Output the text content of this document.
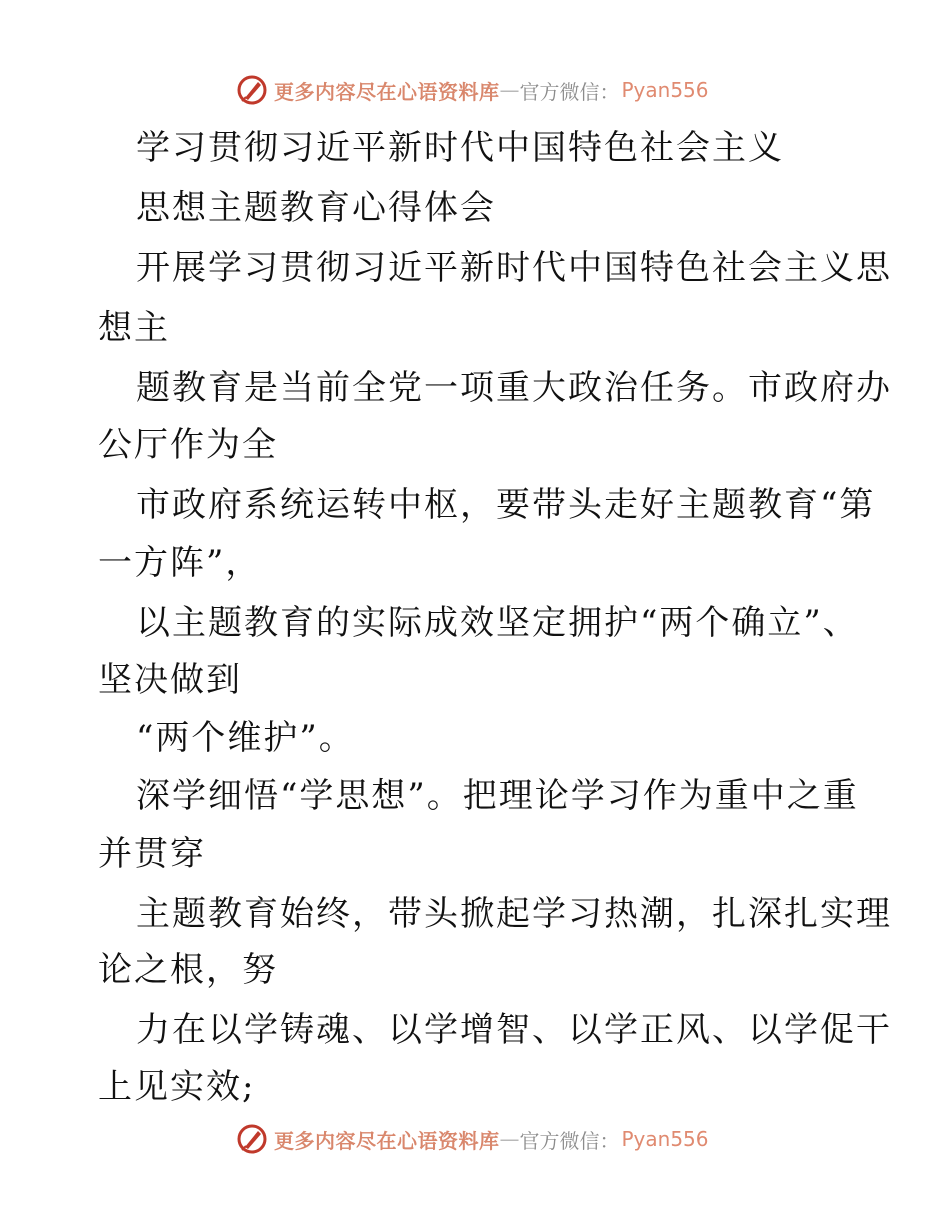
更多内容尽在心语资料库 — 官方微信： Pyan556
学习贯彻习近平新时代中国特色社会主义
思想主题教育心得体会
开展学习贯彻习近平新时代中国特色社会主义思
想主
题教育是当前全党一项重大政治任务。市政府办
公厅作为全
市政府系统运转中枢，要带头走好主题教育“第
一方阵”，
以主题教育的实际成效坚定拥护“两个确立”、
坚决做到
“两个维护”。
深学细悟“学思想”。把理论学习作为重中之重
并贯穿
主题教育始终，带头掀起学习热潮，扎深扎实理
论之根，努
力在以学铸魂、以学增智、以学正风、以学促干
上见实效;
更多内容尽在心语资料库 — 官方微信： Pyan556
